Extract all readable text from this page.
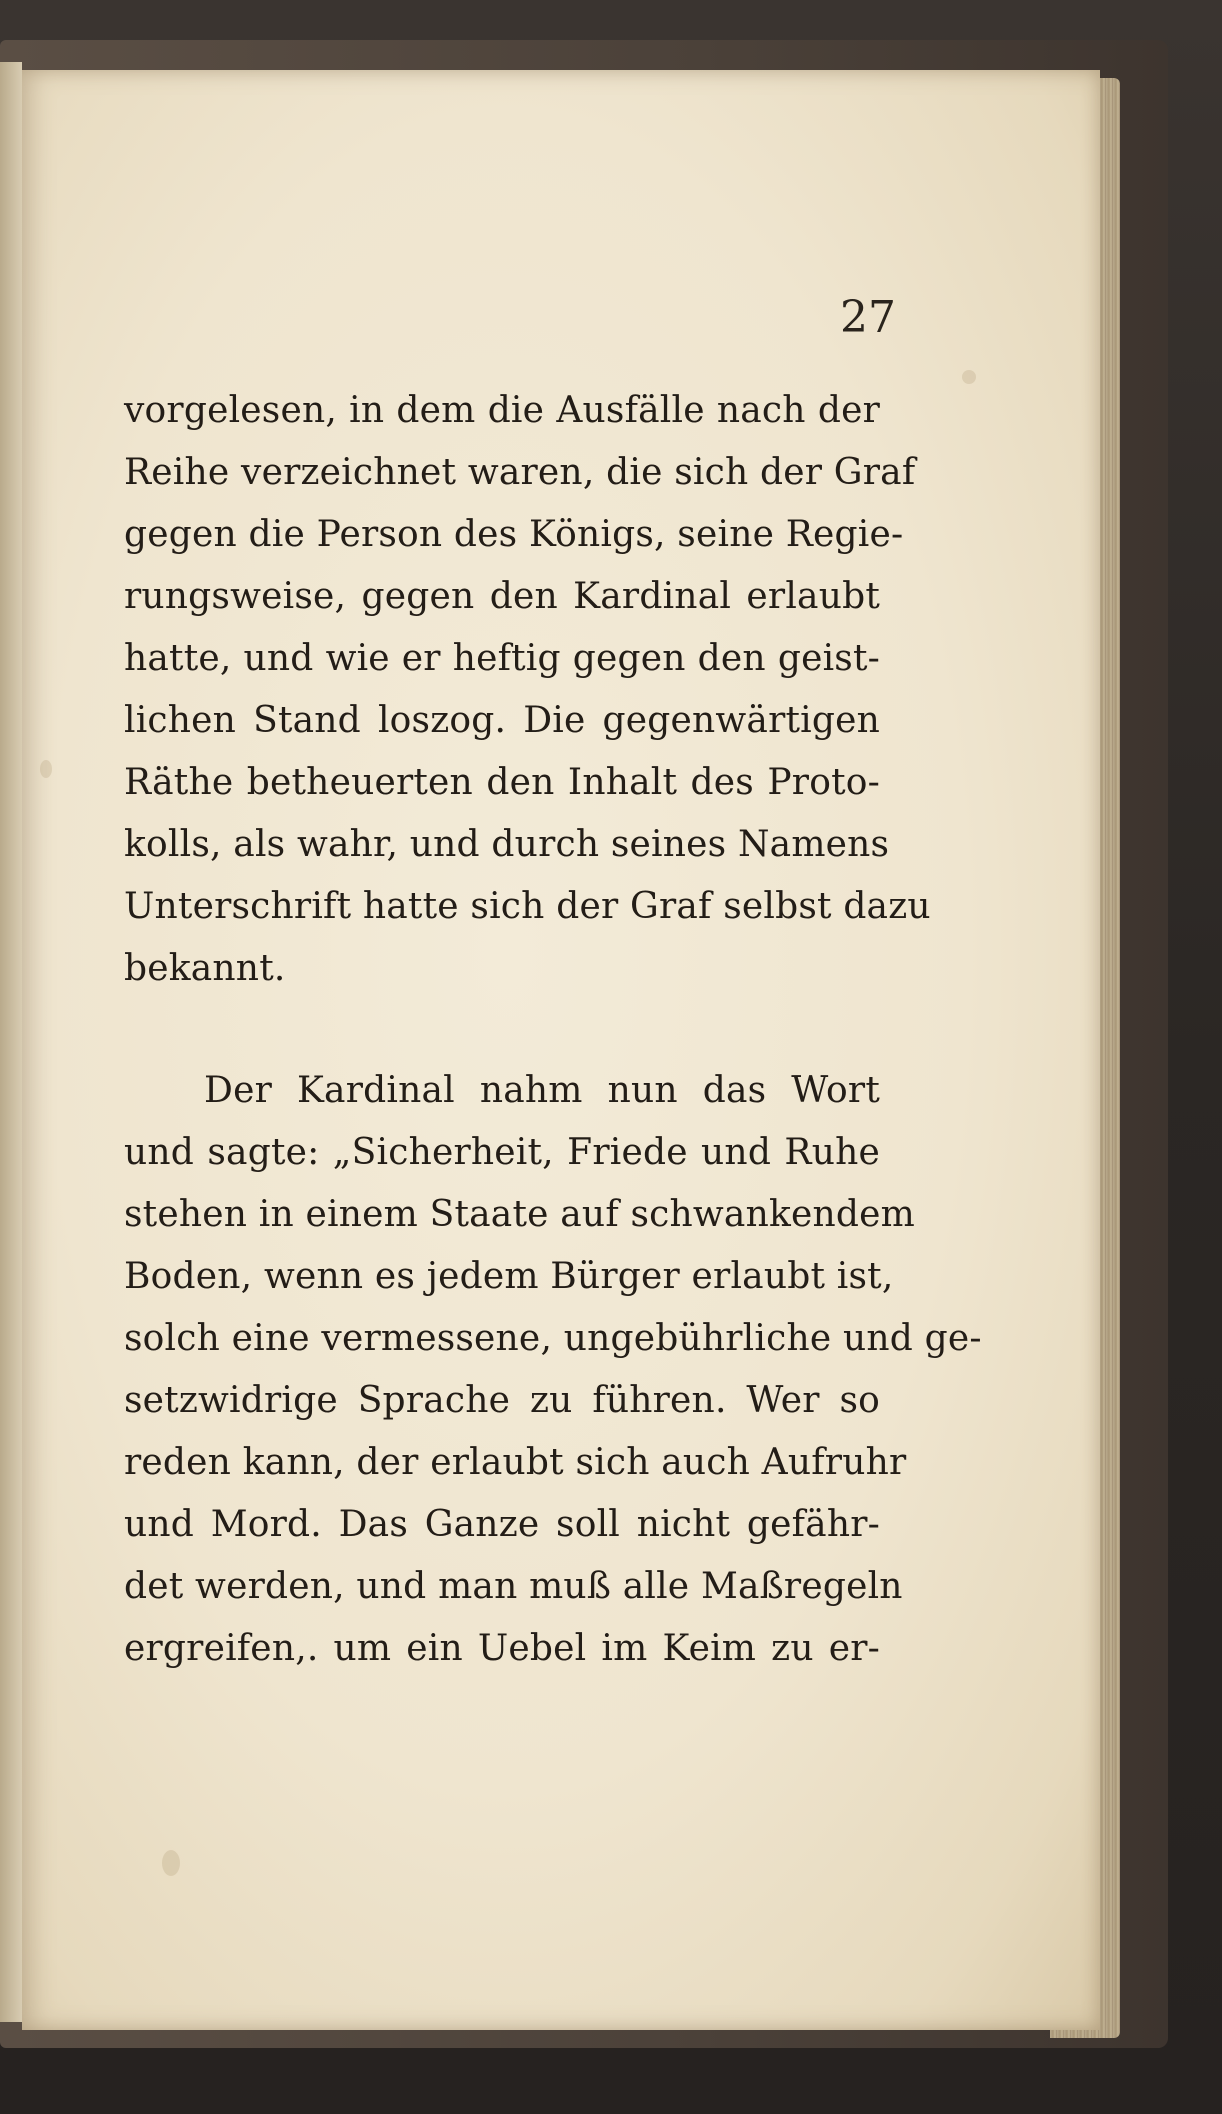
27
vorgelesen, in dem die Ausfälle nach der
Reihe verzeichnet waren, die sich der Graf
gegen die Person des Königs, seine Regie-
rungsweise, gegen den Kardinal erlaubt
hatte, und wie er heftig gegen den geist-
lichen Stand loszog. Die gegenwärtigen
Räthe betheuerten den Inhalt des Proto-
kolls, als wahr, und durch seines Namens
Unterschrift hatte sich der Graf selbst dazu
bekannt.
Der Kardinal nahm nun das Wort
und sagte: „Sicherheit, Friede und Ruhe
stehen in einem Staate auf schwankendem
Boden, wenn es jedem Bürger erlaubt ist,
solch eine vermessene, ungebührliche und ge-
setzwidrige Sprache zu führen. Wer so
reden kann, der erlaubt sich auch Aufruhr
und Mord. Das Ganze soll nicht gefähr-
det werden, und man muß alle Maßregeln
ergreifen,. um ein Uebel im Keim zu er-
